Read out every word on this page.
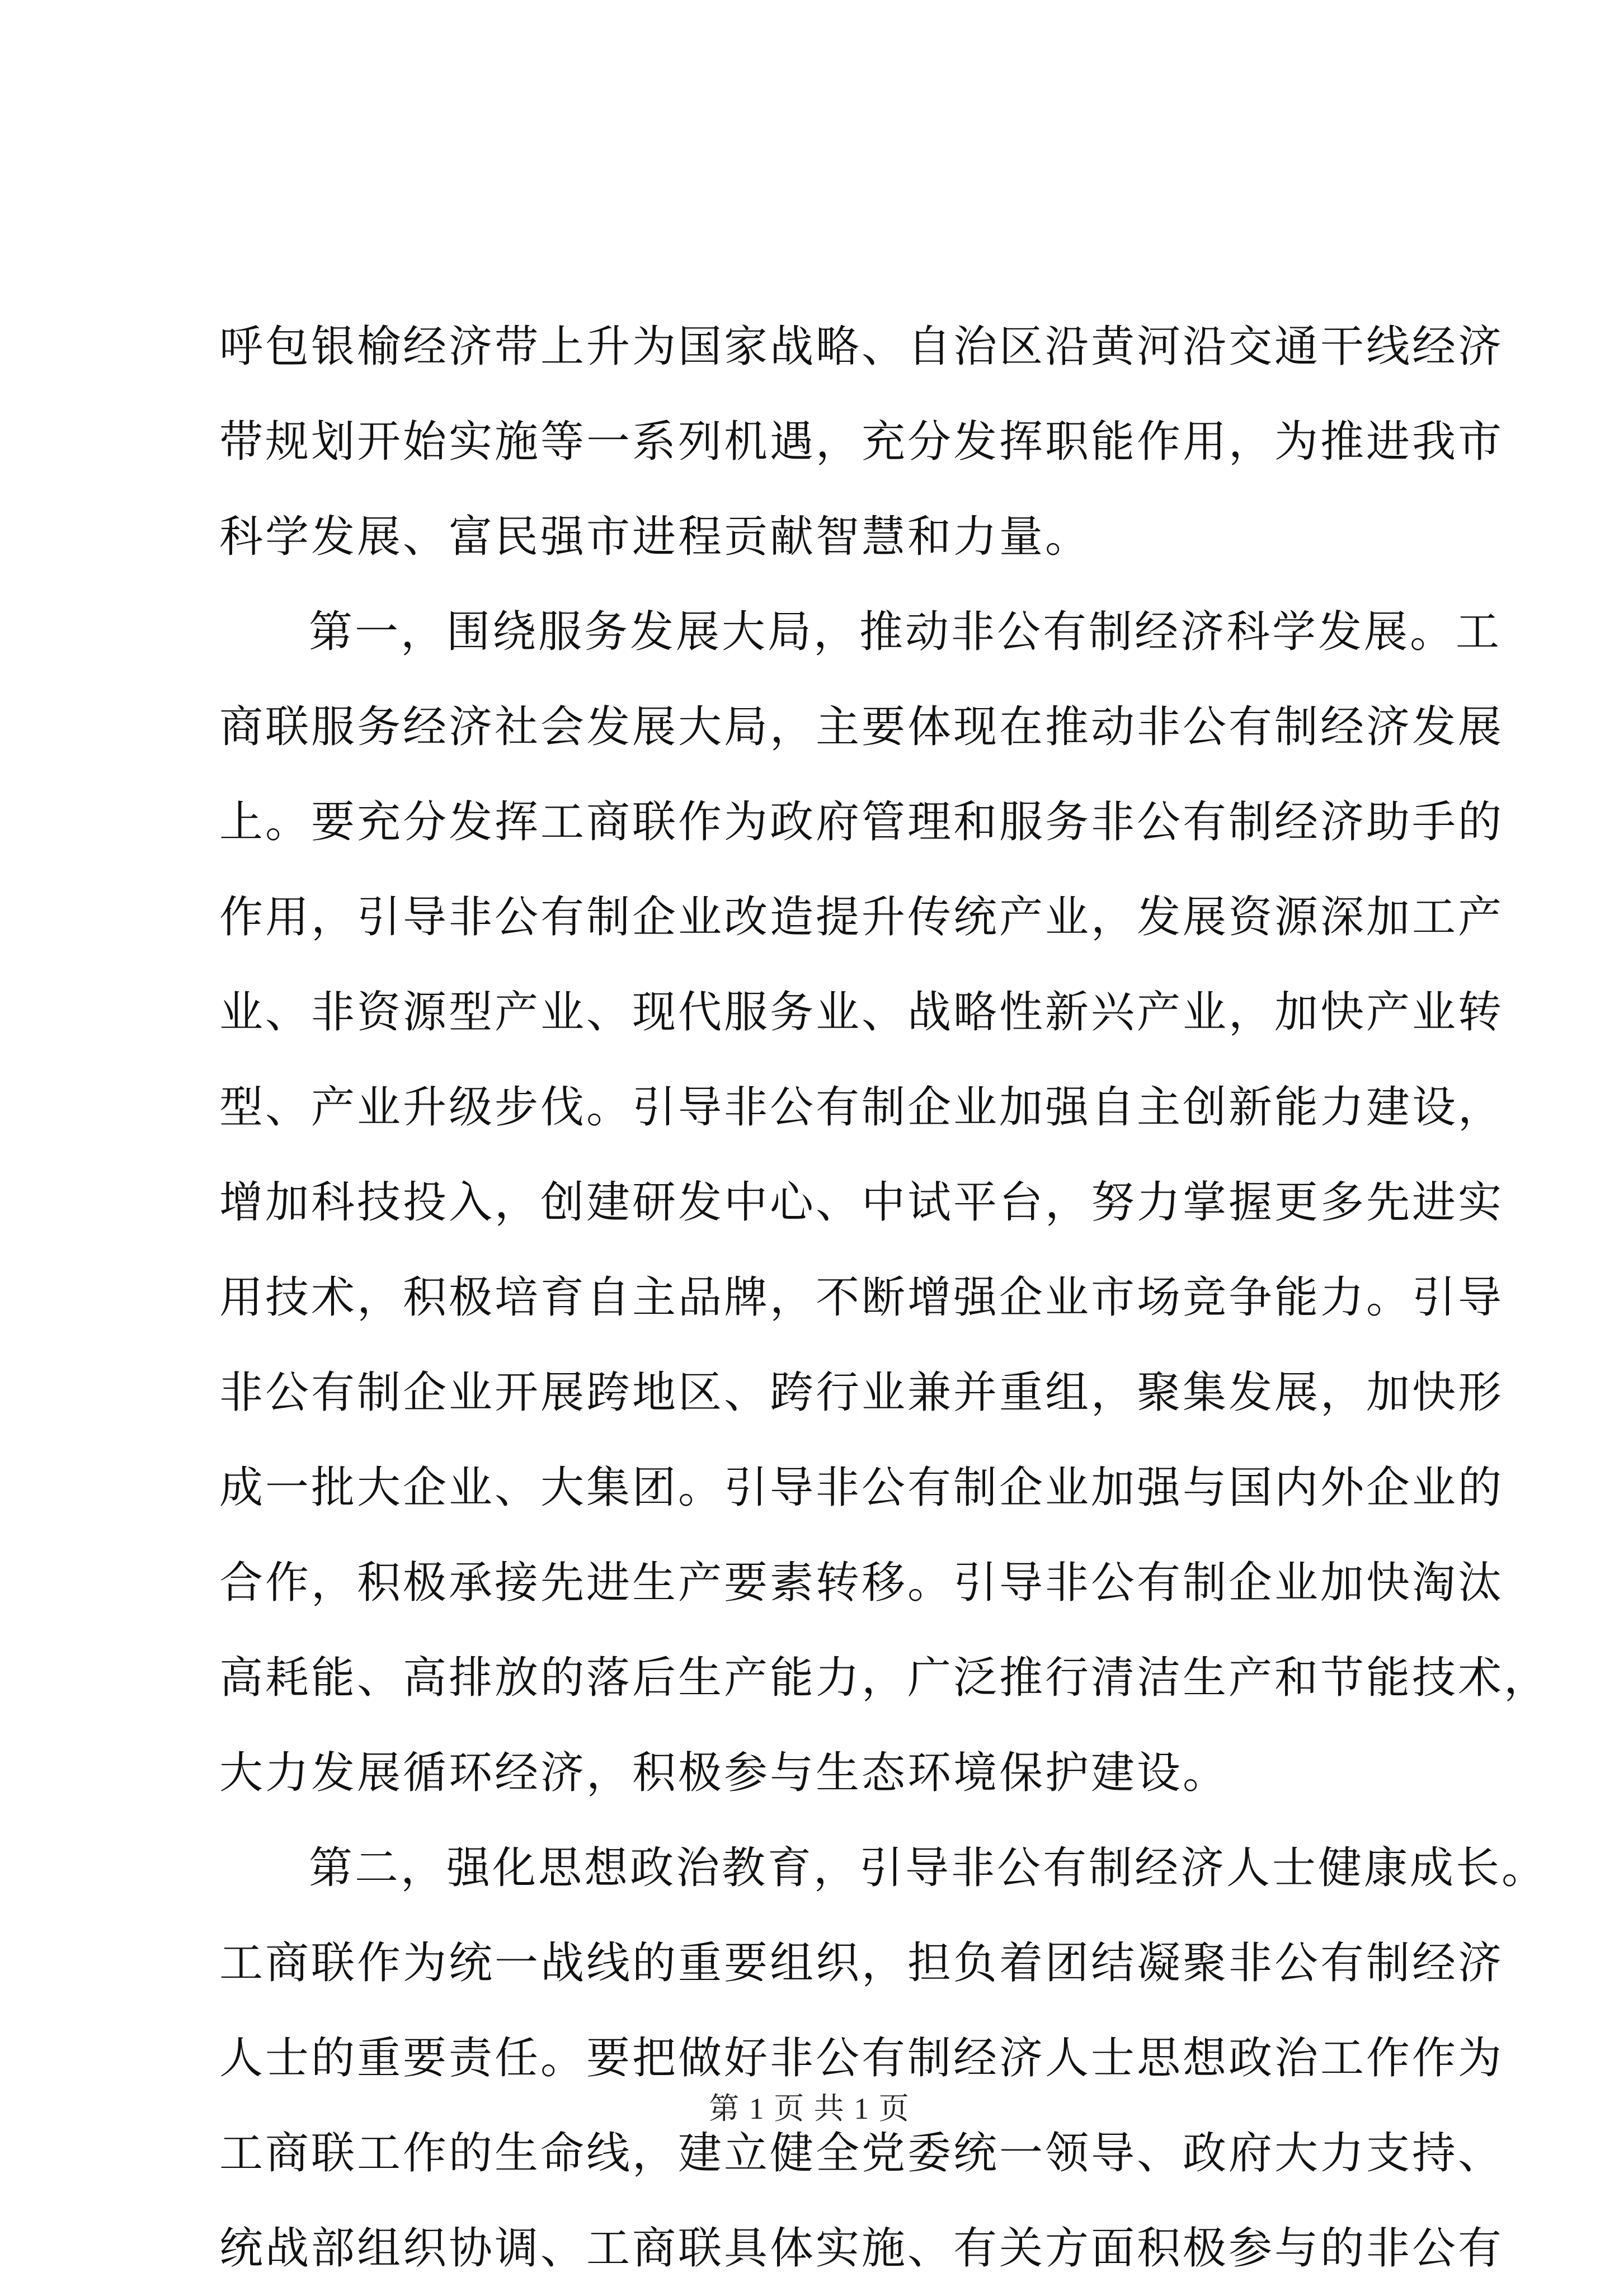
呼包银榆经济带上升为国家战略、自治区沿黄河沿交通干线经济
带规划开始实施等一系列机遇，充分发挥职能作用，为推进我市
科学发展、富民强市进程贡献智慧和力量。
第一，围绕服务发展大局，推动非公有制经济科学发展。工
商联服务经济社会发展大局，主要体现在推动非公有制经济发展
上。要充分发挥工商联作为政府管理和服务非公有制经济助手的
作用，引导非公有制企业改造提升传统产业，发展资源深加工产
业、非资源型产业、现代服务业、战略性新兴产业，加快产业转
型、产业升级步伐。引导非公有制企业加强自主创新能力建设，
增加科技投入，创建研发中心、中试平台，努力掌握更多先进实
用技术，积极培育自主品牌，不断增强企业市场竞争能力。引导
非公有制企业开展跨地区、跨行业兼并重组，聚集发展，加快形
成一批大企业、大集团。引导非公有制企业加强与国内外企业的
合作，积极承接先进生产要素转移。引导非公有制企业加快淘汰
高耗能、高排放的落后生产能力，广泛推行清洁生产和节能技术，
大力发展循环经济，积极参与生态环境保护建设。
第二，强化思想政治教育，引导非公有制经济人士健康成长。
工商联作为统一战线的重要组织，担负着团结凝聚非公有制经济
人士的重要责任。要把做好非公有制经济人士思想政治工作作为
工商联工作的生命线，建立健全党委统一领导、政府大力支持、
统战部组织协调、工商联具体实施、有关方面积极参与的非公有
第 1 页 共 1 页
